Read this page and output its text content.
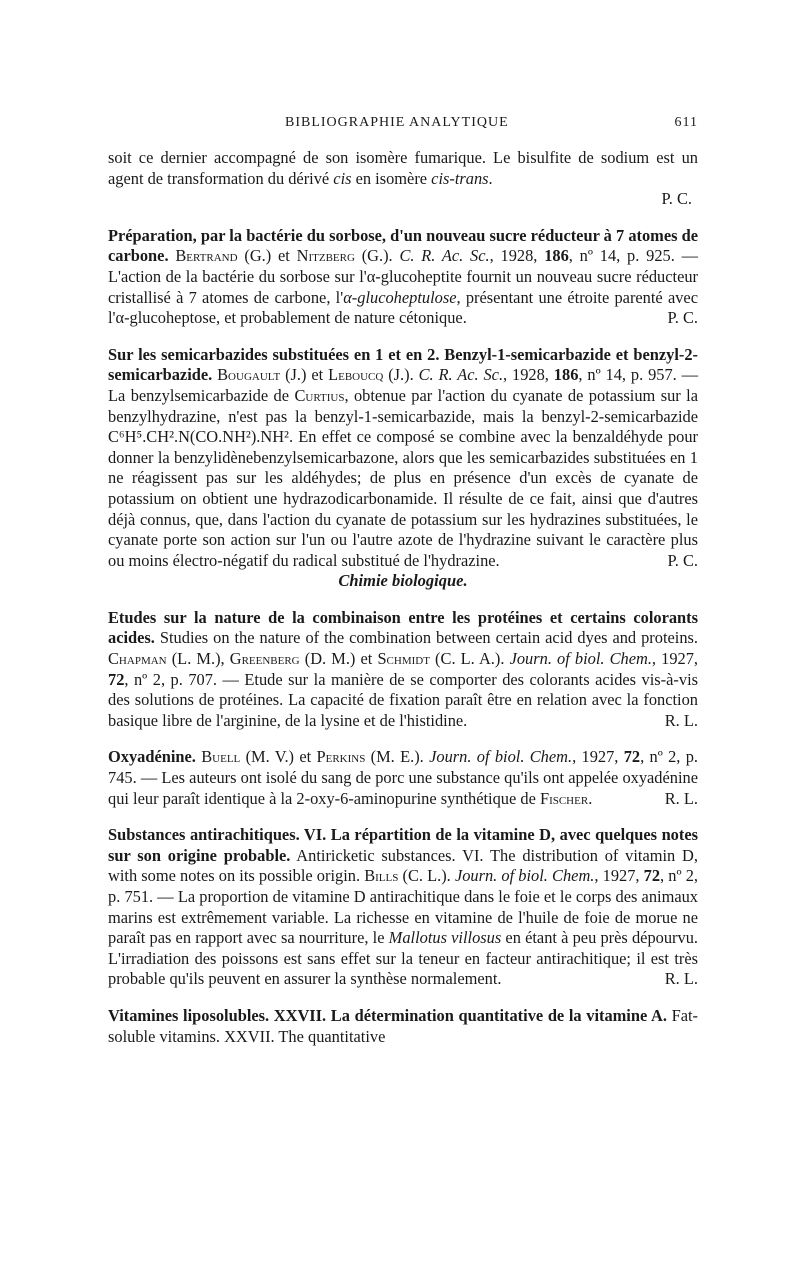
BIBLIOGRAPHIE ANALYTIQUE	611

soit ce dernier accompagné de son isomère fumarique. Le bisulfite de sodium est un agent de transformation du dérivé cis en isomère cis-trans.

P. C.

Préparation, par la bactérie du sorbose, d'un nouveau sucre réducteur à 7 atomes de carbone. Bertrand (G.) et Nitzberg (G.). C. R. Ac. Sc., 1928, 186, nº 14, p. 925. — L'action de la bactérie du sorbose sur l'α-glucoheptite fournit un nouveau sucre réducteur cristallisé à 7 atomes de carbone, l'α-glucoheptulose, présentant une étroite parenté avec l'α-glucoheptose, et probablement de nature cétonique.	P. C.

Sur les semicarbazides substituées en 1 et en 2. Benzyl-1-semicarbazide et benzyl-2-semicarbazide. Bougault (J.) et Leboucq (J.). C. R. Ac. Sc., 1928, 186, nº 14, p. 957. — La benzylsemicarbazide de Curtius, obtenue par l'action du cyanate de potassium sur la benzylhydrazine, n'est pas la benzyl-1-semicarbazide, mais la benzyl-2-semicarbazide C⁶H⁵.CH².N(CO.NH²).NH². En effet ce composé se combine avec la benzaldéhyde pour donner la benzylidènebenzylsemicarbazone, alors que les semicarbazides substituées en 1 ne réagissent pas sur les aldéhydes; de plus en présence d'un excès de cyanate de potassium on obtient une hydrazodicarbonamide. Il résulte de ce fait, ainsi que d'autres déjà connus, que, dans l'action du cyanate de potassium sur les hydrazines substituées, le cyanate porte son action sur l'un ou l'autre azote de l'hydrazine suivant le caractère plus ou moins électro-négatif du radical substitué de l'hydrazine.	P. C.

Chimie biologique.

Etudes sur la nature de la combinaison entre les protéines et certains colorants acides. Studies on the nature of the combination between certain acid dyes and proteins. Chapman (L. M.), Greenberg (D. M.) et Schmidt (C. L. A.). Journ. of biol. Chem., 1927, 72, nº 2, p. 707. — Etude sur la manière de se comporter des colorants acides vis-à-vis des solutions de protéines. La capacité de fixation paraît être en relation avec la fonction basique libre de l'arginine, de la lysine et de l'histidine.	R. L.

Oxyadénine. Buell (M. V.) et Perkins (M. E.). Journ. of biol. Chem., 1927, 72, nº 2, p. 745. — Les auteurs ont isolé du sang de porc une substance qu'ils ont appelée oxyadénine qui leur paraît identique à la 2-oxy-6-aminopurine synthétique de Fischer.	R. L.

Substances antirachitiques. VI. La répartition de la vitamine D, avec quelques notes sur son origine probable. Antiricketic substances. VI. The distribution of vitamin D, with some notes on its possible origin. Bills (C. L.). Journ. of biol. Chem., 1927, 72, nº 2, p. 751. — La proportion de vitamine D antirachitique dans le foie et le corps des animaux marins est extrêmement variable. La richesse en vitamine de l'huile de foie de morue ne paraît pas en rapport avec sa nourriture, le Mallotus villosus en étant à peu près dépourvu. L'irradiation des poissons est sans effet sur la teneur en facteur antirachitique; il est très probable qu'ils peuvent en assurer la synthèse normalement.	R. L.

Vitamines liposolubles. XXVII. La détermination quantitative de la vitamine A. Fat-soluble vitamins. XXVII. The quantitative
